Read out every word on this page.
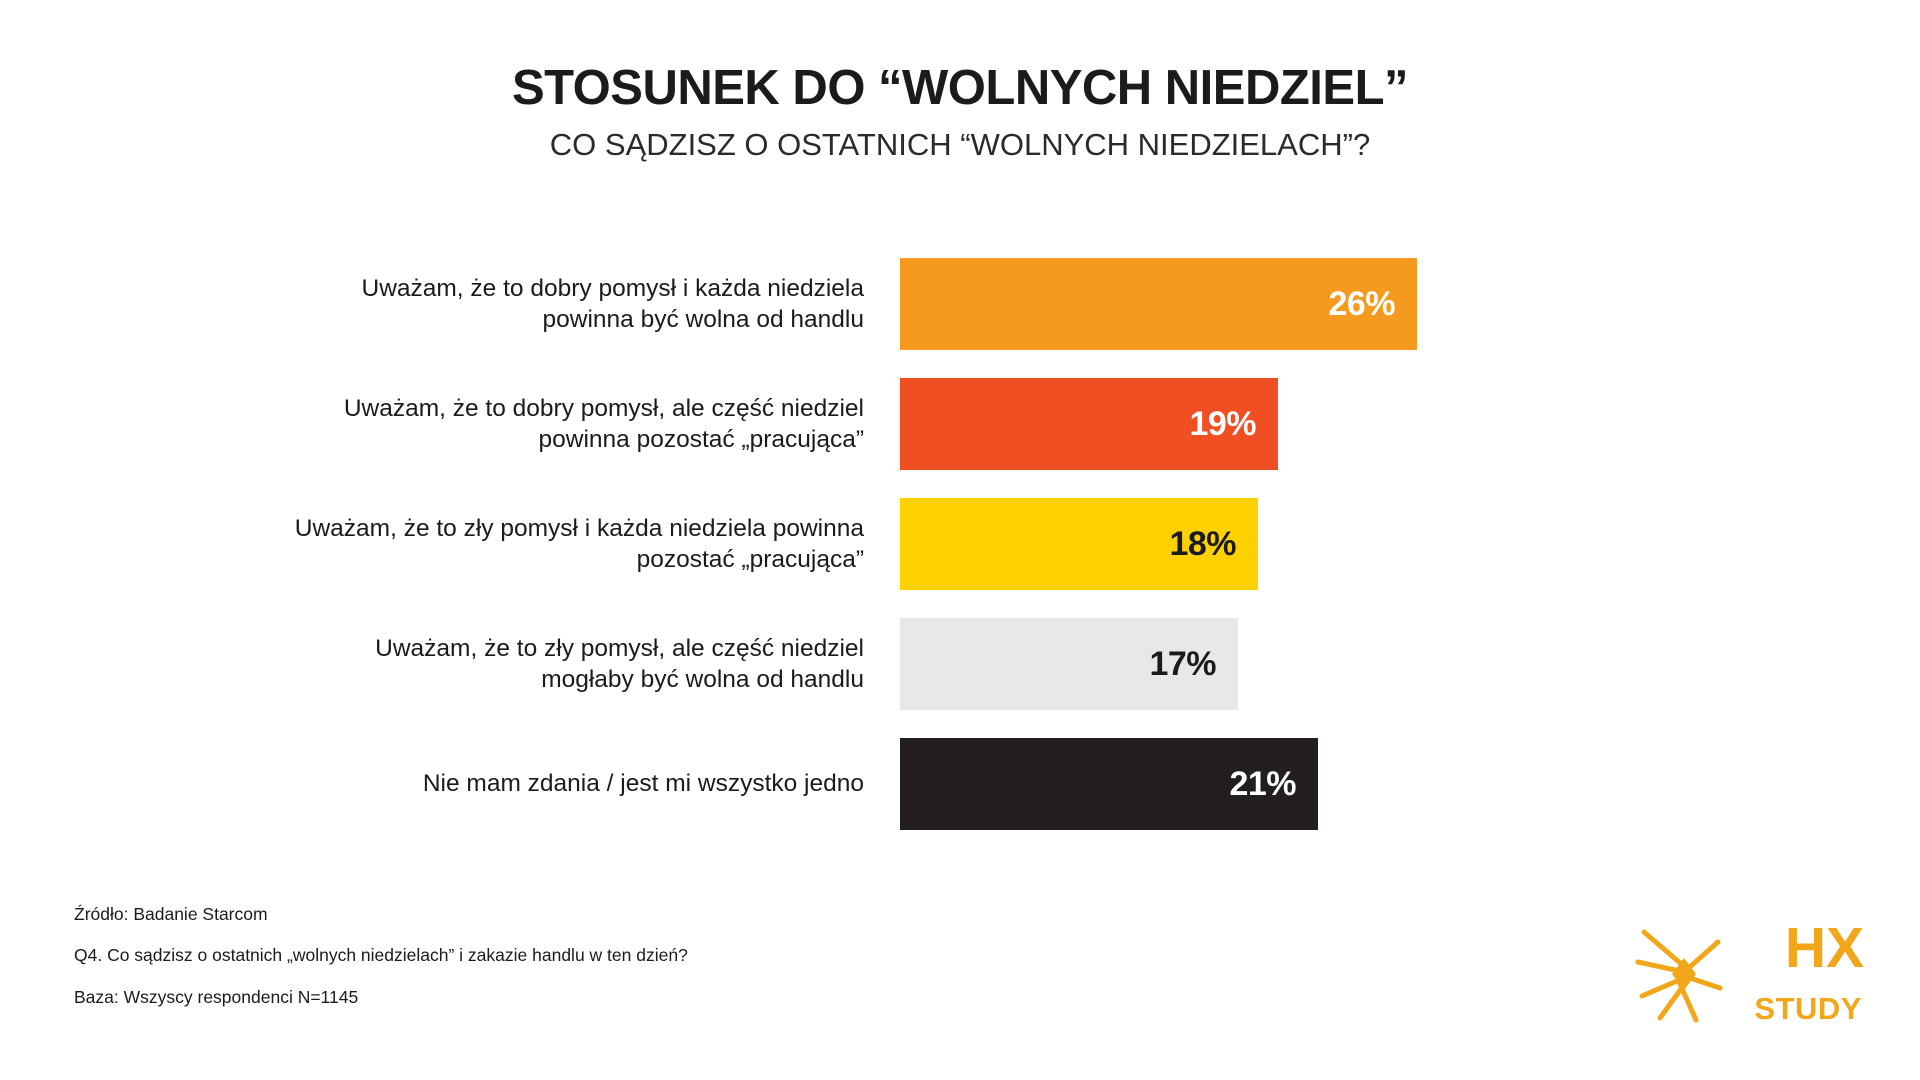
STOSUNEK DO “WOLNYCH NIEDZIEL”
CO SĄDZISZ O OSTATNICH “WOLNYCH NIEDZIELACH”?
Uważam, że to dobry pomysł i każda niedziela
powinna być wolna od handlu	26%
Uważam, że to dobry pomysł, ale część niedziel
powinna pozostać „pracująca”	19%
Uważam, że to zły pomysł i każda niedziela powinna
pozostać „pracująca”	18%
Uważam, że to zły pomysł, ale część niedziel
mogłaby być wolna od handlu	17%
Nie mam zdania / jest mi wszystko jedno	21%
Źródło: Badanie Starcom
Q4. Co sądzisz o ostatnich „wolnych niedzielach” i zakazie handlu w ten dzień?
Baza: Wszyscy respondenci N=1145
HX
STUDY
